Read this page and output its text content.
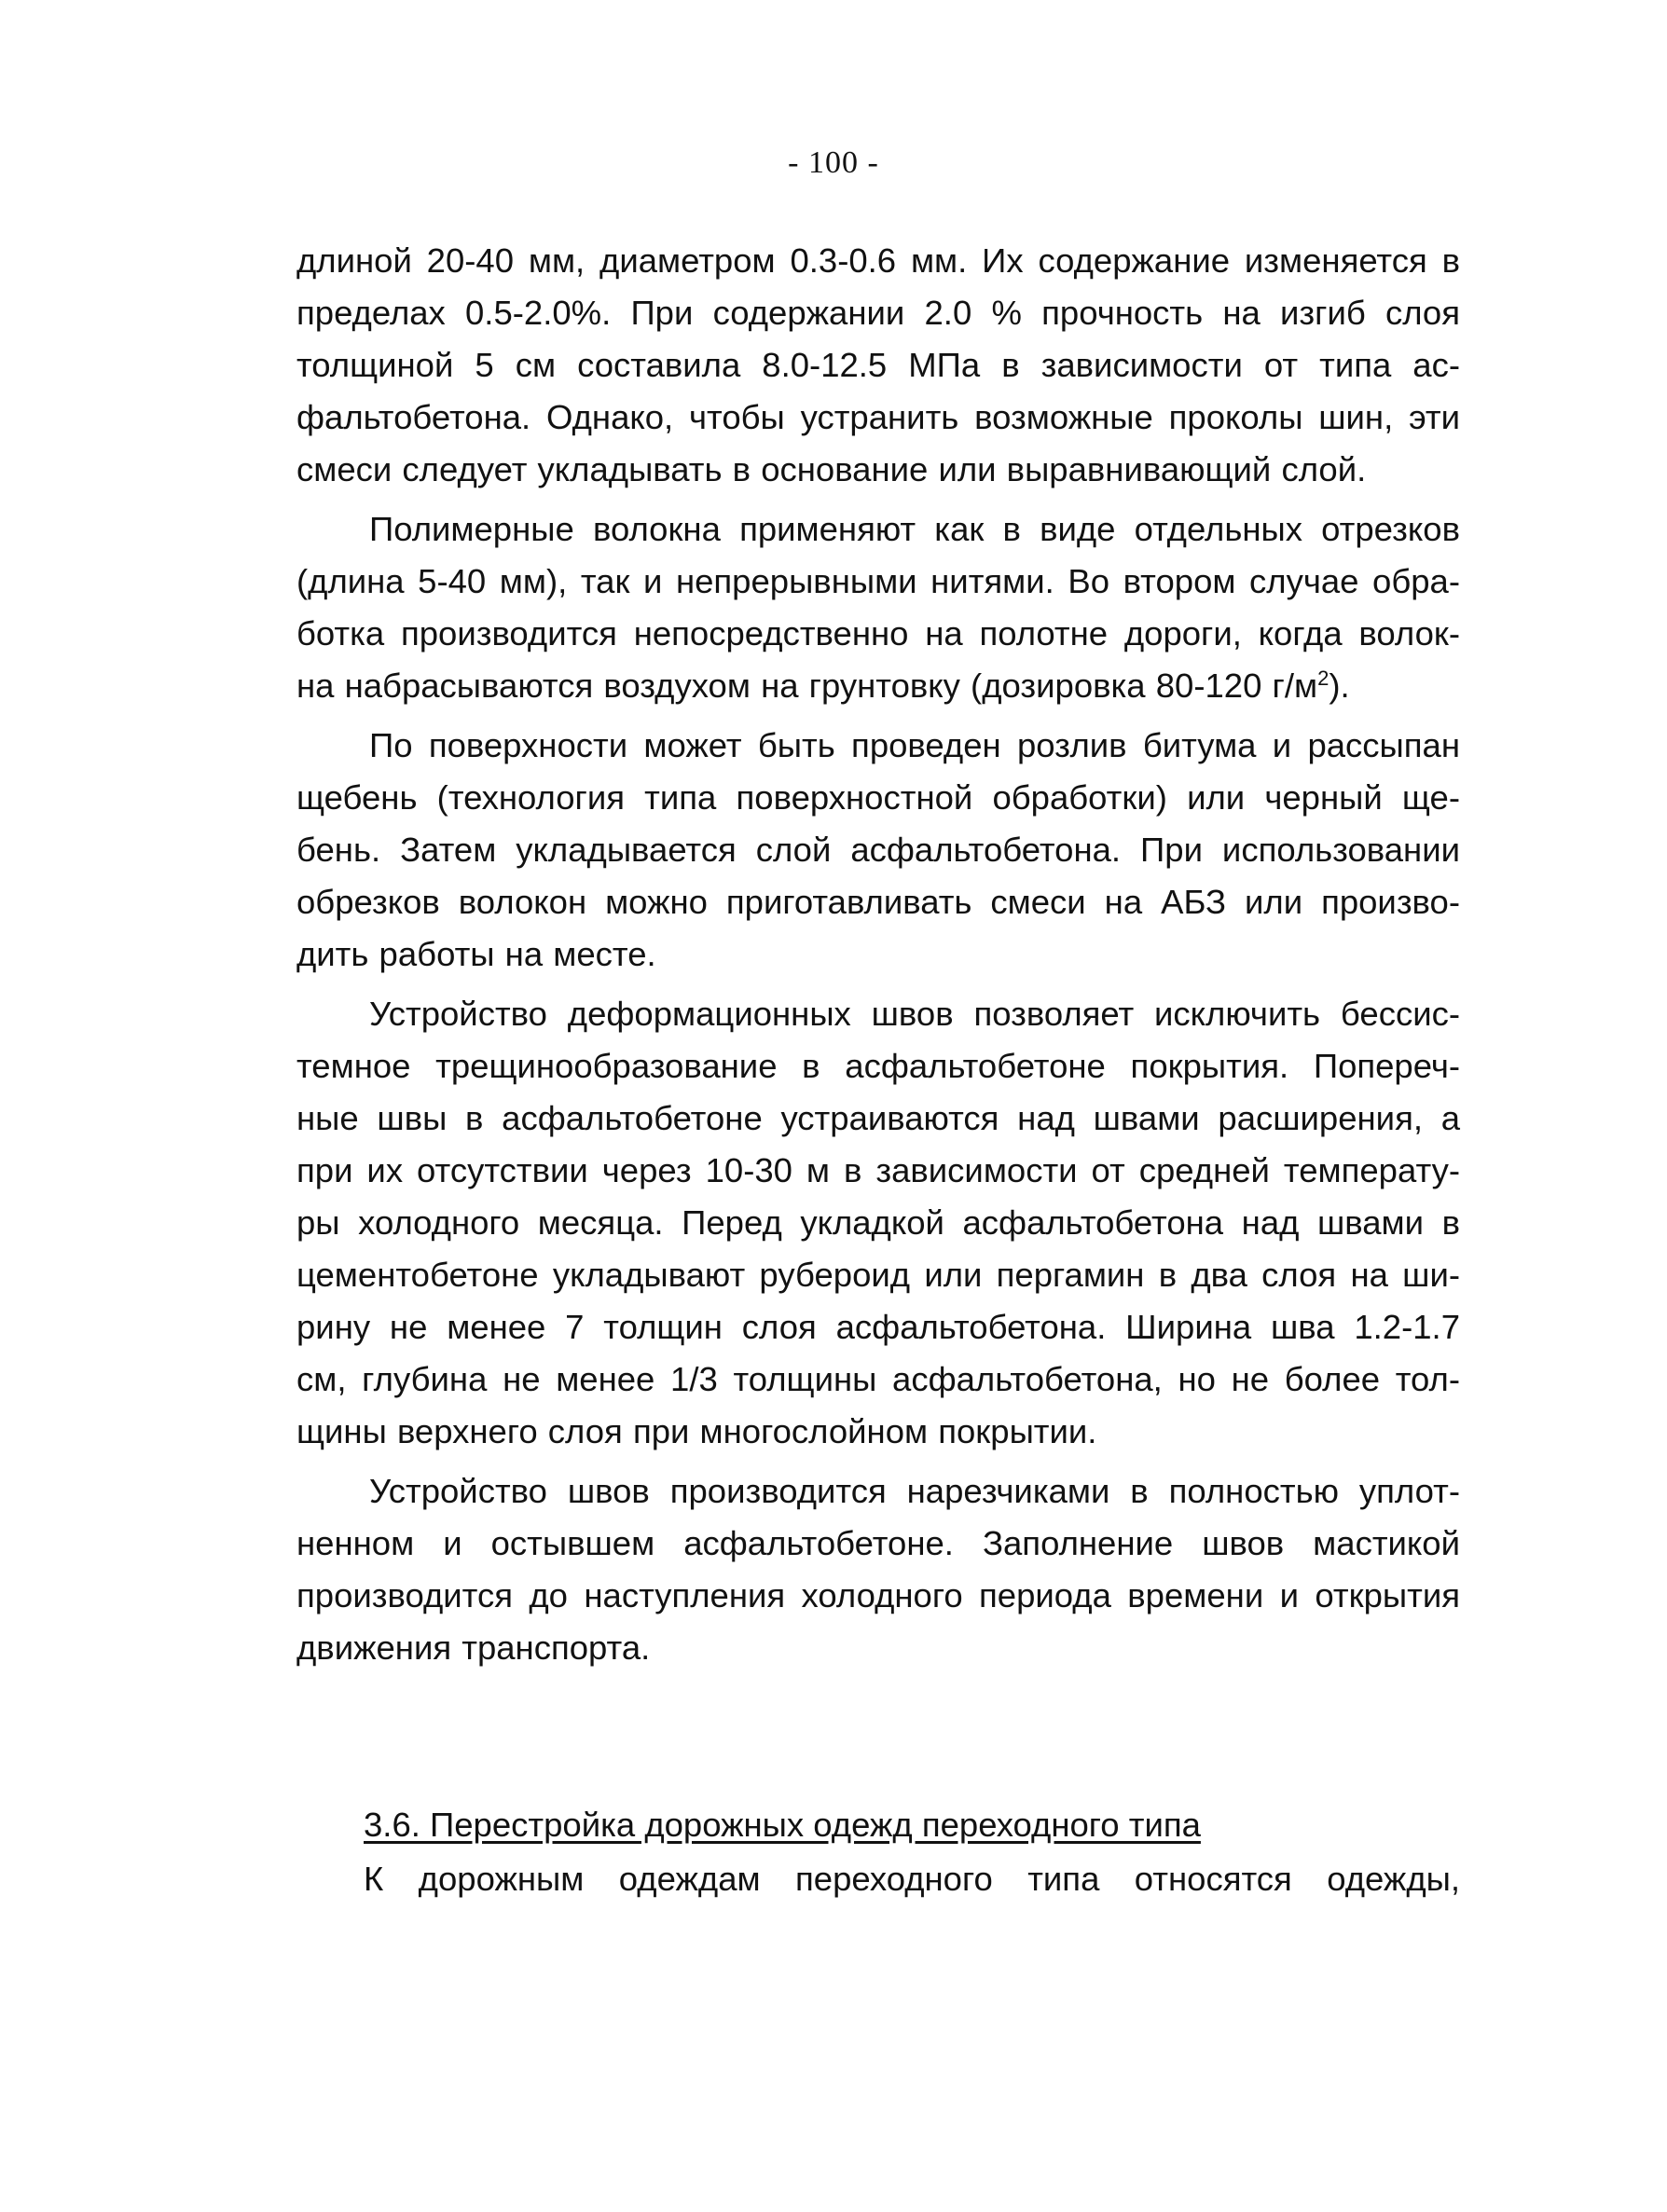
- 100 -
длиной 20-40 мм, диаметром 0.3-0.6 мм. Их содержание изменяется в
пределах 0.5-2.0%. При содержании 2.0 % прочность на изгиб слоя
толщиной 5 см составила 8.0-12.5 МПа в зависимости от типа ас-
фальтобетона. Однако, чтобы устранить возможные проколы шин, эти
смеси следует укладывать в основание или выравнивающий слой.
Полимерные волокна применяют как в виде отдельных отрезков
(длина 5-40 мм), так и непрерывными нитями. Во втором случае обра-
ботка производится непосредственно на полотне дороги, когда волок-
на набрасываются воздухом на грунтовку (дозировка 80-120 $г/м^2$).
По поверхности может быть проведен розлив битума и рассыпан
щебень (технология типа поверхностной обработки) или черный ще-
бень. Затем укладывается слой асфальтобетона. При использовании
обрезков волокон можно приготавливать смеси на АБЗ или произво-
дить работы на месте.
Устройство деформационных швов позволяет исключить бессис-
темное трещинообразование в асфальтобетоне покрытия. Попереч-
ные швы в асфальтобетоне устраиваются над швами расширения, а
при их отсутствии через 10-30 м в зависимости от средней температу-
ры холодного месяца. Перед укладкой асфальтобетона над швами в
цементобетоне укладывают рубероид или пергамин в два слоя на ши-
рину не менее 7 толщин слоя асфальтобетона. Ширина шва 1.2-1.7
см, глубина не менее 1/3 толщины асфальтобетона, но не более тол-
щины верхнего слоя при многослойном покрытии.
Устройство швов производится нарезчиками в полностью уплот-
ненном и остывшем асфальтобетоне. Заполнение швов мастикой
производится до наступления холодного периода времени и открытия
движения транспорта.
3.6. Перестройка дорожных одежд переходного типа
К дорожным одеждам переходного типа относятся одежды,
